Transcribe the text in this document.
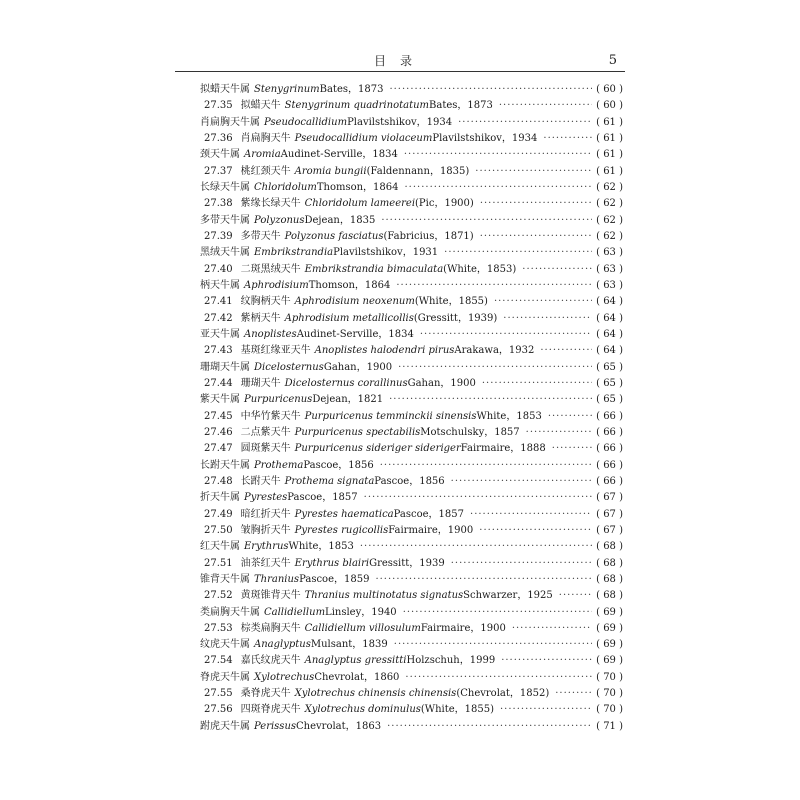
目录	5
拟蜡天牛属 Stenygrinum Bates，1873 ·····	( 60 )
27.35 拟蜡天牛 Stenygrinum quadrinotatum Bates，1873 ·····	( 60 )
肖扁胸天牛属 Pseudocallidium Plavilstshikov，1934 ·····	( 61 )
27.36 肖扁胸天牛 Pseudocallidium violaceum Plavilstshikov，1934 ·····	( 61 )
颈天牛属 Aromia Audinet-Serville，1834 ·····	( 61 )
27.37 桃红颈天牛 Aromia bungii (Faldennann，1835) ·····	( 61 )
长绿天牛属 Chloridolum Thomson，1864 ·····	( 62 )
27.38 紫缘长绿天牛 Chloridolum lameerei (Pic，1900) ·····	( 62 )
多带天牛属 Polyzonus Dejean，1835 ·····	( 62 )
27.39 多带天牛 Polyzonus fasciatus (Fabricius，1871) ·····	( 62 )
黑绒天牛属 Embrikstrandia Plavilstshikov，1931 ·····	( 63 )
27.40 二斑黑绒天牛 Embrikstrandia bimaculata (White，1853) ·····	( 63 )
柄天牛属 Aphrodisium Thomson，1864 ·····	( 63 )
27.41 纹胸柄天牛 Aphrodisium neoxenum (White，1855) ·····	( 64 )
27.42 紫柄天牛 Aphrodisium metallicollis (Gressitt，1939) ·····	( 64 )
亚天牛属 Anoplistes Audinet-Serville，1834 ·····	( 64 )
27.43 基斑红缘亚天牛 Anoplistes halodendri pirus Arakawa，1932 ·····	( 64 )
珊瑚天牛属 Dicelosternus Gahan，1900 ·····	( 65 )
27.44 珊瑚天牛 Dicelosternus corallinus Gahan，1900 ·····	( 65 )
紫天牛属 Purpuricenus Dejean，1821 ·····	( 65 )
27.45 中华竹紫天牛 Purpuricenus temminckii sinensis White，1853 ·····	( 66 )
27.46 二点紫天牛 Purpuricenus spectabilis Motschulsky，1857 ·····	( 66 )
27.47 圆斑紫天牛 Purpuricenus sideriger sideriger Fairmaire，1888 ·····	( 66 )
长跗天牛属 Prothema Pascoe，1856 ·····	( 66 )
27.48 长跗天牛 Prothema signata Pascoe，1856 ·····	( 66 )
折天牛属 Pyrestes Pascoe，1857 ·····	( 67 )
27.49 暗红折天牛 Pyrestes haematica Pascoe，1857 ·····	( 67 )
27.50 皱胸折天牛 Pyrestes rugicollis Fairmaire，1900 ·····	( 67 )
红天牛属 Erythrus White，1853 ·····	( 68 )
27.51 油茶红天牛 Erythrus blairi Gressitt，1939 ·····	( 68 )
锥背天牛属 Thranius Pascoe，1859 ·····	( 68 )
27.52 黄斑锥背天牛 Thranius multinotatus signatus Schwarzer，1925 ·····	( 68 )
类扁胸天牛属 Callidiellum Linsley，1940 ·····	( 69 )
27.53 棕类扁胸天牛 Callidiellum villosulum Fairmaire，1900 ·····	( 69 )
纹虎天牛属 Anaglyptus Mulsant，1839 ·····	( 69 )
27.54 嘉氏纹虎天牛 Anaglyptus gressitti Holzschuh，1999 ·····	( 69 )
脊虎天牛属 Xylotrechus Chevrolat，1860 ·····	( 70 )
27.55 桑脊虎天牛 Xylotrechus chinensis chinensis (Chevrolat，1852) ·····	( 70 )
27.56 四斑脊虎天牛 Xylotrechus dominulus (White，1855) ·····	( 70 )
跗虎天牛属 Perissus Chevrolat，1863 ·····	( 71 )
